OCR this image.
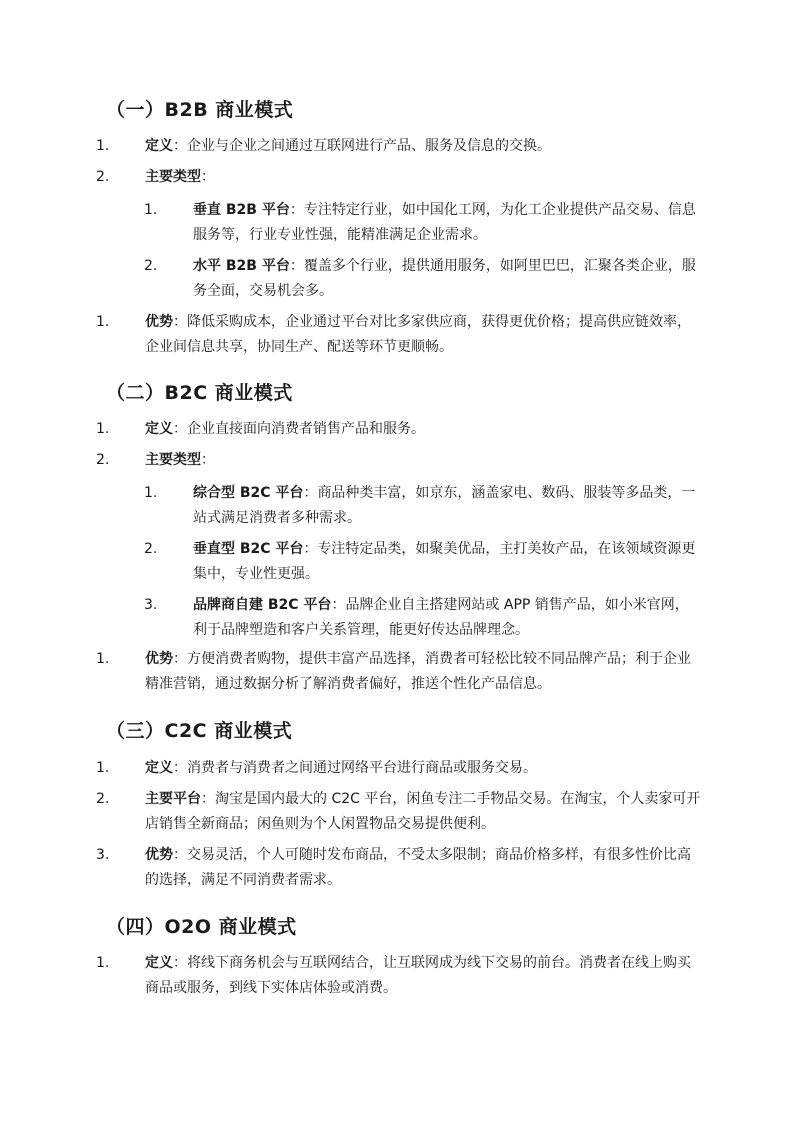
（一）B2B 商业模式
1.	定义：企业与企业之间通过互联网进行产品、服务及信息的交换。
2.	主要类型：
1.	垂直 B2B 平台：专注特定行业，如中国化工网，为化工企业提供产品交易、信息服务等，行业专业性强，能精准满足企业需求。
2.	水平 B2B 平台：覆盖多个行业，提供通用服务，如阿里巴巴，汇聚各类企业，服务全面，交易机会多。
1.	优势：降低采购成本，企业通过平台对比多家供应商，获得更优价格；提高供应链效率，企业间信息共享，协同生产、配送等环节更顺畅。
（二）B2C 商业模式
1.	定义：企业直接面向消费者销售产品和服务。
2.	主要类型：
1.	综合型 B2C 平台：商品种类丰富，如京东，涵盖家电、数码、服装等多品类，一站式满足消费者多种需求。
2.	垂直型 B2C 平台：专注特定品类，如聚美优品，主打美妆产品，在该领域资源更集中，专业性更强。
3.	品牌商自建 B2C 平台：品牌企业自主搭建网站或 APP 销售产品，如小米官网，利于品牌塑造和客户关系管理，能更好传达品牌理念。
1.	优势：方便消费者购物，提供丰富产品选择，消费者可轻松比较不同品牌产品；利于企业精准营销，通过数据分析了解消费者偏好，推送个性化产品信息。
（三）C2C 商业模式
1.	定义：消费者与消费者之间通过网络平台进行商品或服务交易。
2.	主要平台：淘宝是国内最大的 C2C 平台，闲鱼专注二手物品交易。在淘宝，个人卖家可开店销售全新商品；闲鱼则为个人闲置物品交易提供便利。
3.	优势：交易灵活，个人可随时发布商品，不受太多限制；商品价格多样，有很多性价比高的选择，满足不同消费者需求。
（四）O2O 商业模式
1.	定义：将线下商务机会与互联网结合，让互联网成为线下交易的前台。消费者在线上购买商品或服务，到线下实体店体验或消费。
